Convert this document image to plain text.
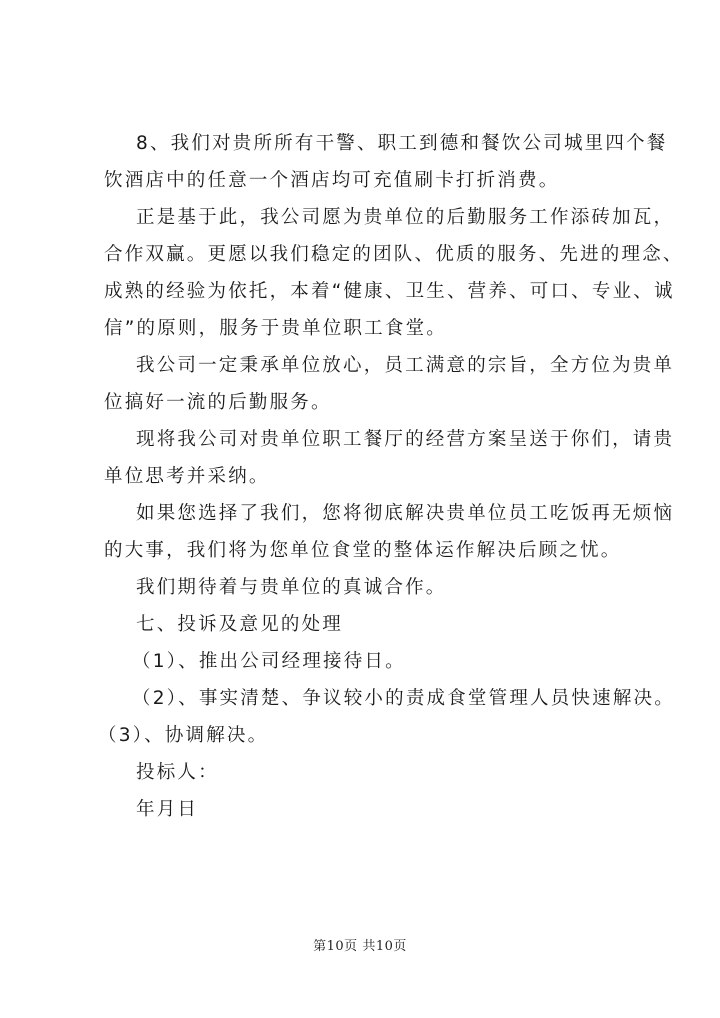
8、我们对贵所所有干警、职工到德和餐饮公司城里四个餐
饮酒店中的任意一个酒店均可充值刷卡打折消费。
正是基于此，我公司愿为贵单位的后勤服务工作添砖加瓦，
合作双赢。更愿以我们稳定的团队、优质的服务、先进的理念、
成熟的经验为依托，本着“健康、卫生、营养、可口、专业、诚
信”的原则，服务于贵单位职工食堂。
我公司一定秉承单位放心，员工满意的宗旨，全方位为贵单
位搞好一流的后勤服务。
现将我公司对贵单位职工餐厅的经营方案呈送于你们，请贵
单位思考并采纳。
如果您选择了我们，您将彻底解决贵单位员工吃饭再无烦恼
的大事，我们将为您单位食堂的整体运作解决后顾之忧。
我们期待着与贵单位的真诚合作。
七、投诉及意见的处理
（1）、推出公司经理接待日。
（2）、事实清楚、争议较小的责成食堂管理人员快速解决。
（3）、协调解决。
投标人：
年月日
第10页 共10页
